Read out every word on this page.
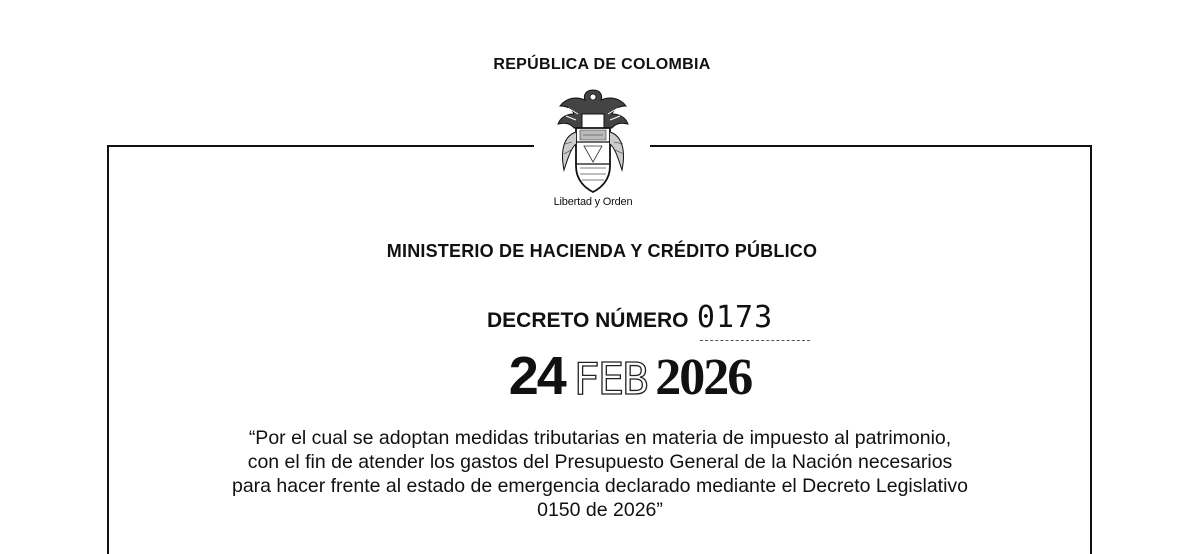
REPÚBLICA DE COLOMBIA
Libertad y Orden
MINISTERIO DE HACIENDA Y CRÉDITO PÚBLICO
DECRETO NÚMERO 0173
24 FEB 2026
“Por el cual se adoptan medidas tributarias en materia de impuesto al patrimonio,
con el fin de atender los gastos del Presupuesto General de la Nación necesarios
para hacer frente al estado de emergencia declarado mediante el Decreto Legislativo
0150 de 2026”
